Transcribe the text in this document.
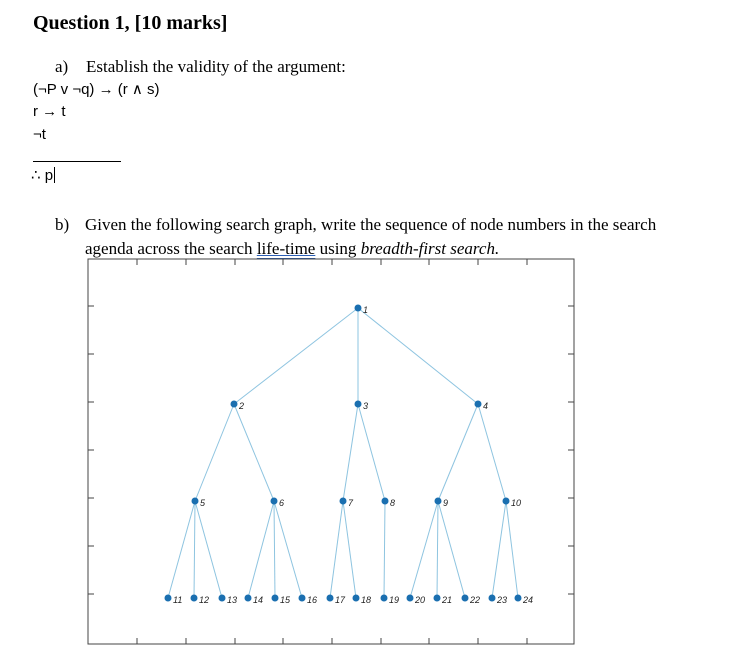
Question 1, [10 marks]
a) Establish the validity of the argument:
(¬P v ¬q) → (r ∧ s)
r → t
¬t
∴ p
b) Given the following search graph, write the sequence of node numbers in the search
agenda across the search life-time using breadth-first search.
1
2	3	4
5	6	7	8	9	10
11 12 13 14 15 16 17 18 19 20 21 22 23 24
